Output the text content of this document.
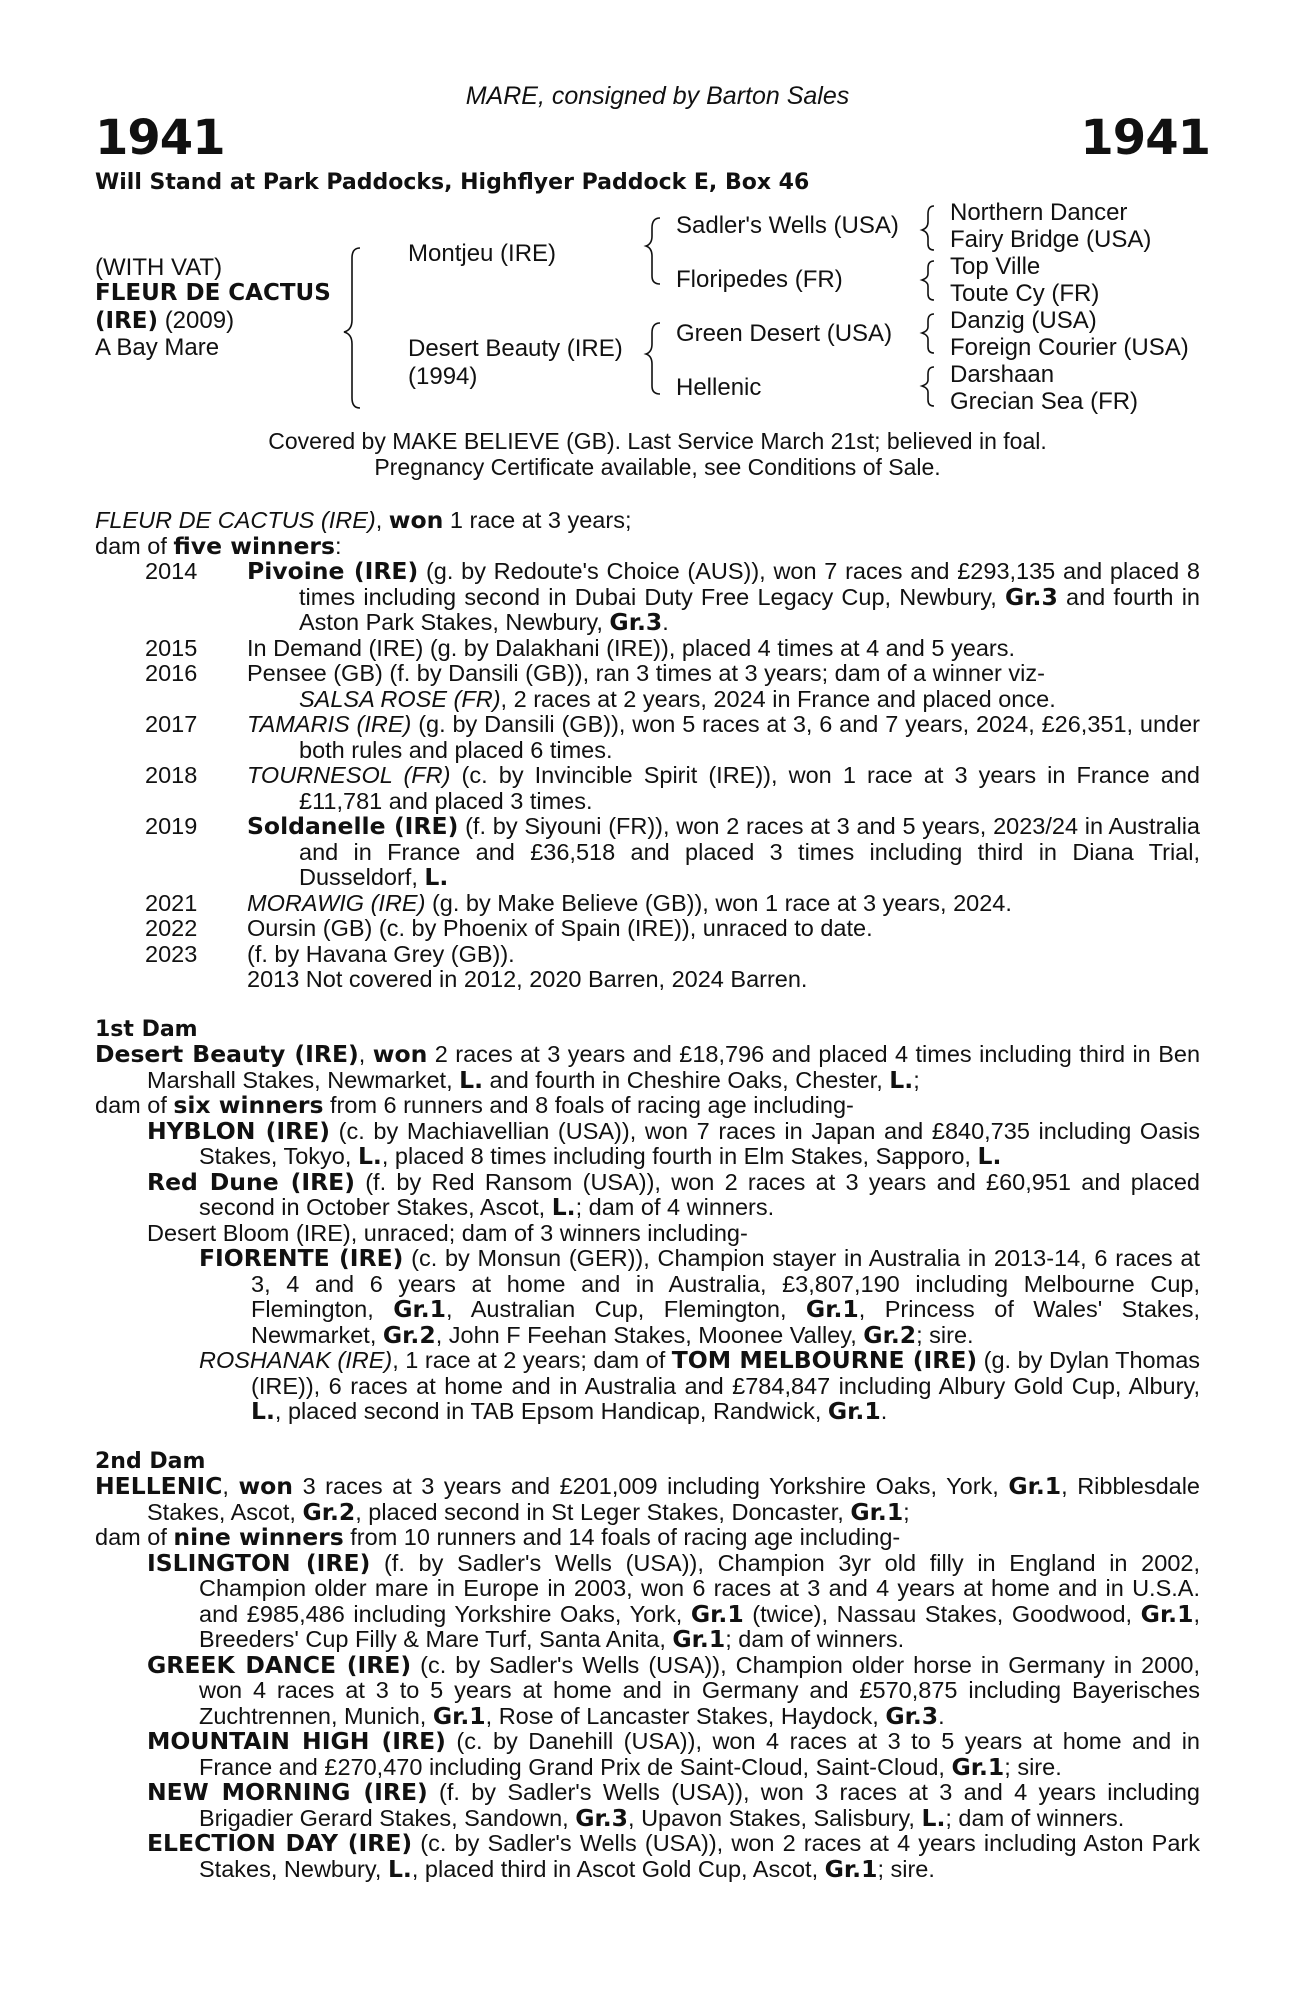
MARE, consigned by Barton Sales
1941	1941
Will Stand at Park Paddocks, Highflyer Paddock E, Box 46
(WITH VAT)
FLEUR DE CACTUS
(IRE) (2009)
A Bay Mare
Montjeu (IRE)
Desert Beauty (IRE)
(1994)
Sadler's Wells (USA)
Floripedes (FR)
Green Desert (USA)
Hellenic
Northern Dancer
Fairy Bridge (USA)
Top Ville
Toute Cy (FR)
Danzig (USA)
Foreign Courier (USA)
Darshaan
Grecian Sea (FR)
Covered by MAKE BELIEVE (GB). Last Service March 21st; believed in foal.
Pregnancy Certificate available, see Conditions of Sale.
FLEUR DE CACTUS (IRE), won 1 race at 3 years;
dam of five winners:
2014 Pivoine (IRE) (g. by Redoute's Choice (AUS)), won 7 races and £293,135 and placed 8 times including second in Dubai Duty Free Legacy Cup, Newbury, Gr.3 and fourth in Aston Park Stakes, Newbury, Gr.3.
2015 In Demand (IRE) (g. by Dalakhani (IRE)), placed 4 times at 4 and 5 years.
2016 Pensee (GB) (f. by Dansili (GB)), ran 3 times at 3 years; dam of a winner viz-
SALSA ROSE (FR), 2 races at 2 years, 2024 in France and placed once.
2017 TAMARIS (IRE) (g. by Dansili (GB)), won 5 races at 3, 6 and 7 years, 2024, £26,351, under both rules and placed 6 times.
2018 TOURNESOL (FR) (c. by Invincible Spirit (IRE)), won 1 race at 3 years in France and £11,781 and placed 3 times.
2019 Soldanelle (IRE) (f. by Siyouni (FR)), won 2 races at 3 and 5 years, 2023/24 in Australia and in France and £36,518 and placed 3 times including third in Diana Trial, Dusseldorf, L.
2021 MORAWIG (IRE) (g. by Make Believe (GB)), won 1 race at 3 years, 2024.
2022 Oursin (GB) (c. by Phoenix of Spain (IRE)), unraced to date.
2023 (f. by Havana Grey (GB)).
2013 Not covered in 2012, 2020 Barren, 2024 Barren.
1st Dam
Desert Beauty (IRE), won 2 races at 3 years and £18,796 and placed 4 times including third in Ben Marshall Stakes, Newmarket, L. and fourth in Cheshire Oaks, Chester, L.;
dam of six winners from 6 runners and 8 foals of racing age including-
HYBLON (IRE) (c. by Machiavellian (USA)), won 7 races in Japan and £840,735 including Oasis Stakes, Tokyo, L., placed 8 times including fourth in Elm Stakes, Sapporo, L.
Red Dune (IRE) (f. by Red Ransom (USA)), won 2 races at 3 years and £60,951 and placed second in October Stakes, Ascot, L.; dam of 4 winners.
Desert Bloom (IRE), unraced; dam of 3 winners including-
FIORENTE (IRE) (c. by Monsun (GER)), Champion stayer in Australia in 2013-14, 6 races at 3, 4 and 6 years at home and in Australia, £3,807,190 including Melbourne Cup, Flemington, Gr.1, Australian Cup, Flemington, Gr.1, Princess of Wales' Stakes, Newmarket, Gr.2, John F Feehan Stakes, Moonee Valley, Gr.2; sire.
ROSHANAK (IRE), 1 race at 2 years; dam of TOM MELBOURNE (IRE) (g. by Dylan Thomas (IRE)), 6 races at home and in Australia and £784,847 including Albury Gold Cup, Albury, L., placed second in TAB Epsom Handicap, Randwick, Gr.1.
2nd Dam
HELLENIC, won 3 races at 3 years and £201,009 including Yorkshire Oaks, York, Gr.1, Ribblesdale Stakes, Ascot, Gr.2, placed second in St Leger Stakes, Doncaster, Gr.1;
dam of nine winners from 10 runners and 14 foals of racing age including-
ISLINGTON (IRE) (f. by Sadler's Wells (USA)), Champion 3yr old filly in England in 2002, Champion older mare in Europe in 2003, won 6 races at 3 and 4 years at home and in U.S.A. and £985,486 including Yorkshire Oaks, York, Gr.1 (twice), Nassau Stakes, Goodwood, Gr.1, Breeders' Cup Filly & Mare Turf, Santa Anita, Gr.1; dam of winners.
GREEK DANCE (IRE) (c. by Sadler's Wells (USA)), Champion older horse in Germany in 2000, won 4 races at 3 to 5 years at home and in Germany and £570,875 including Bayerisches Zuchtrennen, Munich, Gr.1, Rose of Lancaster Stakes, Haydock, Gr.3.
MOUNTAIN HIGH (IRE) (c. by Danehill (USA)), won 4 races at 3 to 5 years at home and in France and £270,470 including Grand Prix de Saint-Cloud, Saint-Cloud, Gr.1; sire.
NEW MORNING (IRE) (f. by Sadler's Wells (USA)), won 3 races at 3 and 4 years including Brigadier Gerard Stakes, Sandown, Gr.3, Upavon Stakes, Salisbury, L.; dam of winners.
ELECTION DAY (IRE) (c. by Sadler's Wells (USA)), won 2 races at 4 years including Aston Park Stakes, Newbury, L., placed third in Ascot Gold Cup, Ascot, Gr.1; sire.
